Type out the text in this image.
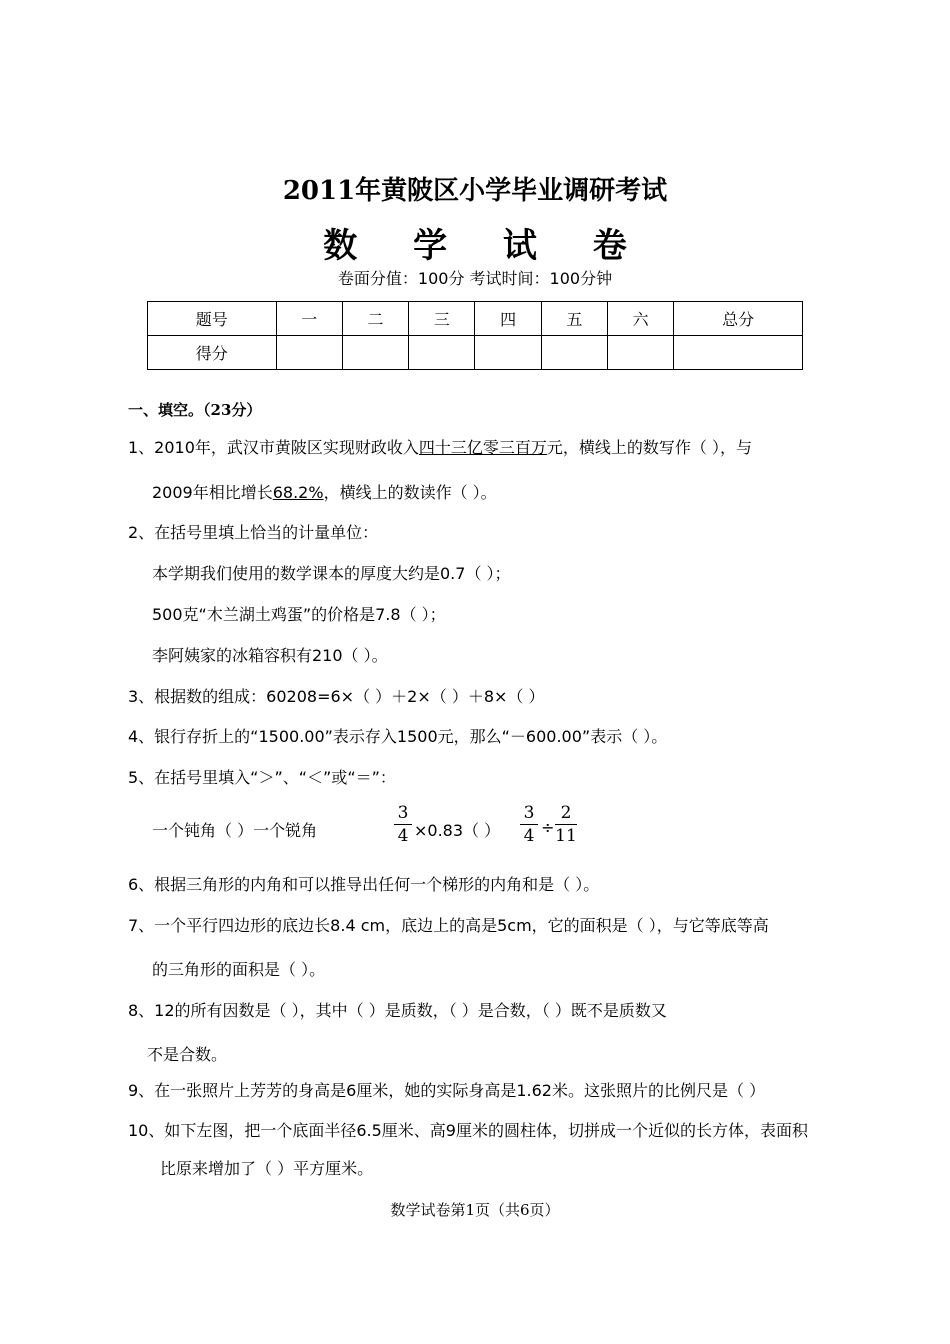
2011年黄陂区小学毕业调研考试
数 学 试 卷
卷面分值：100分 考试时间：100分钟
题号	一	二	三	四	五	六	总分
得分							
一、填空。（23分）
1、2010年，武汉市黄陂区实现财政收入四十三亿零三百万元，横线上的数写作（ ），与
2009年相比增长68.2%，横线上的数读作（ ）。
2、在括号里填上恰当的计量单位：
本学期我们使用的数学课本的厚度大约是0.7（ ）；
500克“木兰湖土鸡蛋”的价格是7.8（ ）；
李阿姨家的冰箱容积有210（ ）。
3、根据数的组成：60208=6×（ ）＋2×（ ）＋8×（ ）
4、银行存折上的“1500.00”表示存入1500元，那么“－600.00”表示（ ）。
5、在括号里填入“＞”、“＜”或“＝”：
一个钝角（ ）一个锐角
3
4 ×0.83（ ）
3
4 ÷
2
11
6、根据三角形的内角和可以推导出任何一个梯形的内角和是（ ）。
7、一个平行四边形的底边长8.4 cm，底边上的高是5cm，它的面积是（ ），与它等底等高
的三角形的面积是（ ）。
8、12的所有因数是（ ），其中（ ）是质数，（ ）是合数，（ ）既不是质数又
不是合数。
9、在一张照片上芳芳的身高是6厘米，她的实际身高是1.62米。这张照片的比例尺是（ ）
10、如下左图，把一个底面半径6.5厘米、高9厘米的圆柱体，切拼成一个近似的长方体，表面积
比原来增加了（ ）平方厘米。
数学试卷第1页（共6页）
